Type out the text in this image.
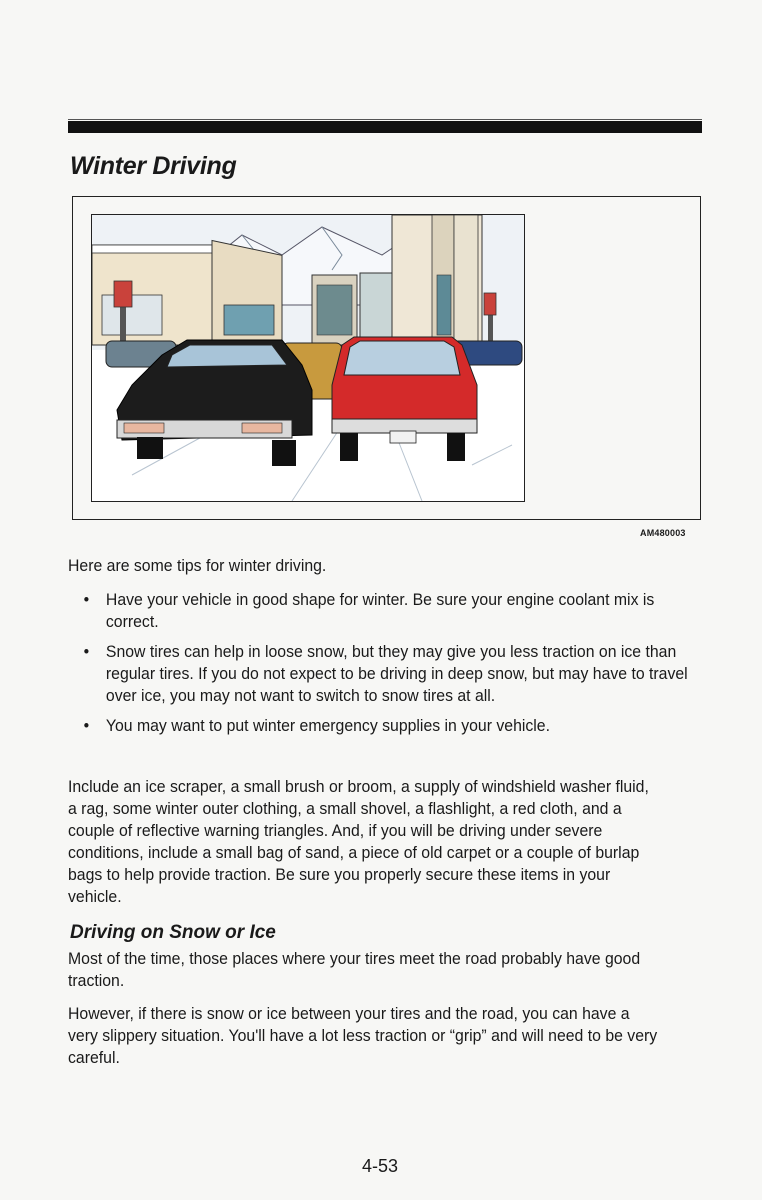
Winter Driving
AM480003
Here are some tips for winter driving.
• Have your vehicle in good shape for winter. Be sure your engine coolant mix is correct.
• Snow tires can help in loose snow, but they may give you less traction on ice than regular tires. If you do not expect to be driving in deep snow, but may have to travel over ice, you may not want to switch to snow tires at all.
• You may want to put winter emergency supplies in your vehicle.
Include an ice scraper, a small brush or broom, a supply of windshield washer fluid, a rag, some winter outer clothing, a small shovel, a flashlight, a red cloth, and a couple of reflective warning triangles. And, if you will be driving under severe conditions, include a small bag of sand, a piece of old carpet or a couple of burlap bags to help provide traction. Be sure you properly secure these items in your vehicle.
Driving on Snow or Ice
Most of the time, those places where your tires meet the road probably have good traction.
However, if there is snow or ice between your tires and the road, you can have a very slippery situation. You'll have a lot less traction or “grip” and will need to be very careful.
4-53
